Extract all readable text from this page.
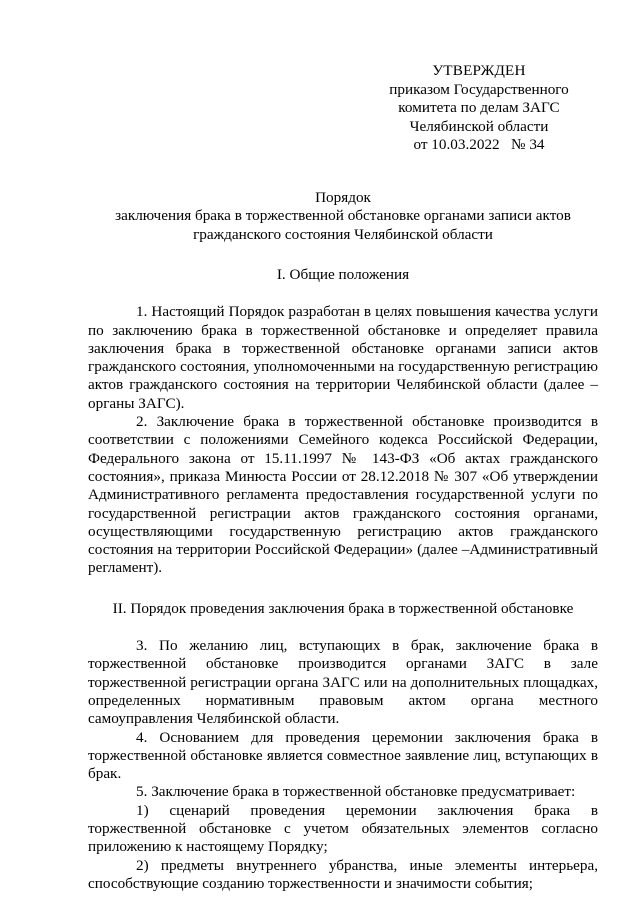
УТВЕРЖДЕН
приказом Государственного
комитета по делам ЗАГС
Челябинской области
от 10.03.2022   № 34
Порядок
заключения брака в торжественной обстановке органами записи актов
гражданского состояния Челябинской области
I. Общие положения

1. Настоящий Порядок разработан в целях повышения качества услуги по заключению брака в торжественной обстановке и определяет правила заключения брака в торжественной обстановке органами записи актов гражданского состояния, уполномоченными на государственную регистрацию актов гражданского состояния на территории Челябинской области (далее – органы ЗАГС).

2. Заключение брака в торжественной обстановке производится в соответствии с положениями Семейного кодекса Российской Федерации, Федерального закона от 15.11.1997 № 143-ФЗ «Об актах гражданского состояния», приказа Минюста России от 28.12.2018 № 307 «Об утверждении Административного регламента предоставления государственной услуги по государственной регистрации актов гражданского состояния органами, осуществляющими государственную регистрацию актов гражданского состояния на территории Российской Федерации» (далее –Административный регламент).

II. Порядок проведения заключения брака в торжественной обстановке

3. По желанию лиц, вступающих в брак, заключение брака в торжественной обстановке производится органами ЗАГС в зале торжественной регистрации органа ЗАГС или на дополнительных площадках, определенных нормативным правовым актом органа местного самоуправления Челябинской области.

4. Основанием для проведения церемонии заключения брака в торжественной обстановке является совместное заявление лиц, вступающих в брак.

5. Заключение брака в торжественной обстановке предусматривает:

1) сценарий проведения церемонии заключения брака в торжественной обстановке с учетом обязательных элементов согласно приложению к настоящему Порядку;

2) предметы внутреннего убранства, иные элементы интерьера, способствующие созданию торжественности и значимости события;
